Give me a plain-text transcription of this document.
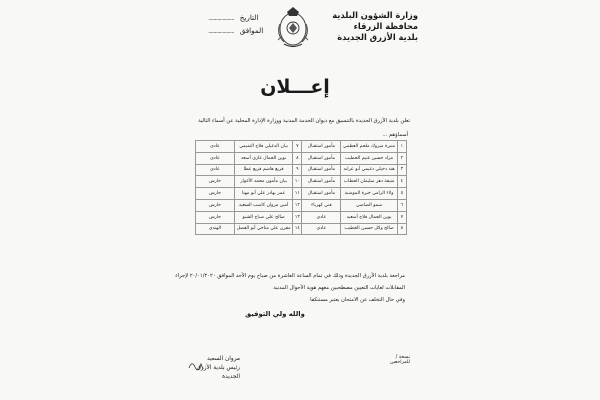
وزارة الشؤون البلدية
محافظة الزرقاء
بلدية الأزرق الجديدة
التاريخ
....................
الموافق
....................
إعـــلان
تعلن بلدية الأزرق الجديدة بالتنسيق مع ديوان الخدمة المدنية ووزارة الإدارة المحلية عن أسماء التالية
أسماؤهم ...
١	منيرة مبروك ملحم العظمي	مأمور استقبال	٧	بيان الدغيلي فلاح التميمي	عادي
٢	مراد حسين غنيم الخطيب	مأمور استقبال	٨	بوين الجمال غازي أسعد	عادي
٣	هند دخيلي دغيمي أبو عرابه	مأمور استقبال	٩	قريع هاشم قريع عطا	عادي
٤	منيفة دهر سليمان الحطاب	مأمور استقبال	١٠	بيان مأمون محمد الأغوار	حارس
٥	ولاء الرامي خيرة المومنية	مأمور استقبال	١١	عمر بهادر علي أبو مهنا	حارس
٦	سمو الضاضي	فني كهرباء	١٢	أمين مروان كاسب السعيد	حارس
٧	بوين الجمال فلاح أسعيد	عادي	١٣	صالح علي صباح الشبو	حارس
٨	صالح وائل حسين الخطيب	عادي	١٤	مقرن علي مناحي أبو الفضل	الهندي
مراجعة بلدية الأزرق الجديدة وذلك في تمام الساعة العاشرة من صباح يوم الأحد الموافق ٢٠/٠١/٢٠٢٠ لإجراء
المقابلات لغايات التعيين مصطحبين معهم هوية الأحوال المدنية
وفي حال التخلف عن الامتحان يعتبر مستنكفا
والله ولي التوفيق
مروان السعيد
رئيس بلدية الأزرق الجديدة
نسخة / للمراجعين
